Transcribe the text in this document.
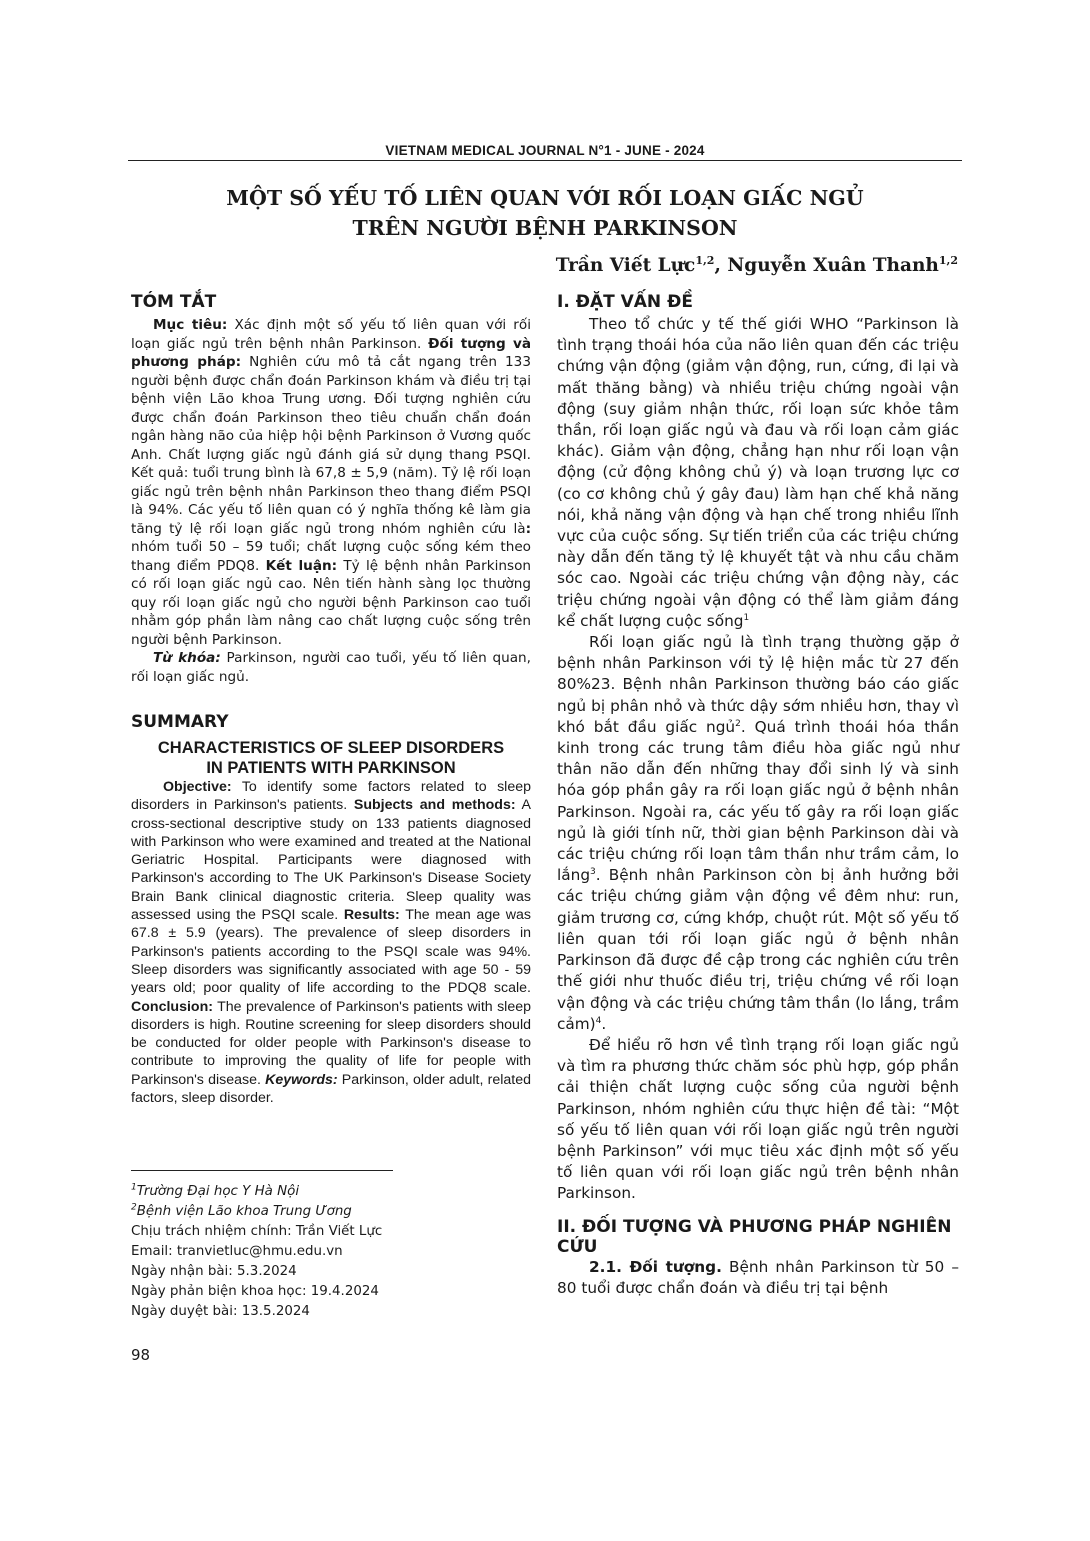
VIETNAM MEDICAL JOURNAL N°1 - JUNE - 2024
MỘT SỐ YẾU TỐ LIÊN QUAN VỚI RỐI LOẠN GIẤC NGỦ
TRÊN NGƯỜI BỆNH PARKINSON
Trần Viết Lực$^{1,2}$, Nguyễn Xuân Thanh$^{1,2}$
TÓM TẮT

Mục tiêu: Xác định một số yếu tố liên quan với rối loạn giấc ngủ trên bệnh nhân Parkinson. Đối tượng và phương pháp: Nghiên cứu mô tả cắt ngang trên 133 người bệnh được chẩn đoán Parkinson khám và điều trị tại bệnh viện Lão khoa Trung ương. Đối tượng nghiên cứu được chẩn đoán Parkinson theo tiêu chuẩn chẩn đoán ngân hàng não của hiệp hội bệnh Parkinson ở Vương quốc Anh. Chất lượng giấc ngủ đánh giá sử dụng thang PSQI. Kết quả: tuổi trung bình là 67,8 ± 5,9 (năm). Tỷ lệ rối loạn giấc ngủ trên bệnh nhân Parkinson theo thang điểm PSQI là 94%. Các yếu tố liên quan có ý nghĩa thống kê làm gia tăng tỷ lệ rối loạn giấc ngủ trong nhóm nghiên cứu là: nhóm tuổi 50 – 59 tuổi; chất lượng cuộc sống kém theo thang điểm PDQ8. Kết luận: Tỷ lệ bệnh nhân Parkinson có rối loạn giấc ngủ cao. Nên tiến hành sàng lọc thường quy rối loạn giấc ngủ cho người bệnh Parkinson cao tuổi nhằm góp phần làm nâng cao chất lượng cuộc sống trên người bệnh Parkinson.

Từ khóa: Parkinson, người cao tuổi, yếu tố liên quan, rối loạn giấc ngủ.

SUMMARY

CHARACTERISTICS OF SLEEP DISORDERS

IN PATIENTS WITH PARKINSON

Objective: To identify some factors related to sleep disorders in Parkinson's patients. Subjects and methods: A cross-sectional descriptive study on 133 patients diagnosed with Parkinson who were examined and treated at the National Geriatric Hospital. Participants were diagnosed with Parkinson's according to The UK Parkinson's Disease Society Brain Bank clinical diagnostic criteria. Sleep quality was assessed using the PSQI scale. Results: The mean age was 67.8 ± 5.9 (years). The prevalence of sleep disorders in Parkinson's patients according to the PSQI scale was 94%. Sleep disorders was significantly associated with age 50 - 59 years old; poor quality of life according to the PDQ8 scale. Conclusion: The prevalence of Parkinson's patients with sleep disorders is high. Routine screening for sleep disorders should be conducted for older people with Parkinson's disease to contribute to improving the quality of life for people with Parkinson's disease. Keywords: Parkinson, older adult, related factors, sleep disorder.

$^1$Trường Đại học Y Hà Nội
$^2$Bệnh viện Lão khoa Trung Ương
Chịu trách nhiệm chính: Trần Viết Lực
Email: tranvietluc@hmu.edu.vn
Ngày nhận bài: 5.3.2024
Ngày phản biện khoa học: 19.4.2024
Ngày duyệt bài: 13.5.2024
98
I. ĐẶT VẤN ĐỀ

Theo tổ chức y tế thế giới WHO “Parkinson là tình trạng thoái hóa của não liên quan đến các triệu chứng vận động (giảm vận động, run, cứng, đi lại và mất thăng bằng) và nhiều triệu chứng ngoài vận động (suy giảm nhận thức, rối loạn sức khỏe tâm thần, rối loạn giấc ngủ và đau và rối loạn cảm giác khác). Giảm vận động, chẳng hạn như rối loạn vận động (cử động không chủ ý) và loạn trương lực cơ (co cơ không chủ ý gây đau) làm hạn chế khả năng nói, khả năng vận động và hạn chế trong nhiều lĩnh vực của cuộc sống. Sự tiến triển của các triệu chứng này dẫn đến tăng tỷ lệ khuyết tật và nhu cầu chăm sóc cao. Ngoài các triệu chứng vận động này, các triệu chứng ngoài vận động có thể làm giảm đáng kể chất lượng cuộc sống$^1$

Rối loạn giấc ngủ là tình trạng thường gặp ở bệnh nhân Parkinson với tỷ lệ hiện mắc từ 27 đến 80%23. Bệnh nhân Parkinson thường báo cáo giấc ngủ bị phân nhỏ và thức dậy sớm nhiều hơn, thay vì khó bắt đầu giấc ngủ$^2$. Quá trình thoái hóa thần kinh trong các trung tâm điều hòa giấc ngủ như thân não dẫn đến những thay đổi sinh lý và sinh hóa góp phần gây ra rối loạn giấc ngủ ở bệnh nhân Parkinson. Ngoài ra, các yếu tố gây ra rối loạn giấc ngủ là giới tính nữ, thời gian bệnh Parkinson dài và các triệu chứng rối loạn tâm thần như trầm cảm, lo lắng$^3$. Bệnh nhân Parkinson còn bị ảnh hưởng bởi các triệu chứng giảm vận động về đêm như: run, giảm trương cơ, cứng khớp, chuột rút. Một số yếu tố liên quan tới rối loạn giấc ngủ ở bệnh nhân Parkinson đã được đề cập trong các nghiên cứu trên thế giới như thuốc điều trị, triệu chứng về rối loạn vận động và các triệu chứng tâm thần (lo lắng, trầm cảm)$^4$.

Để hiểu rõ hơn về tình trạng rối loạn giấc ngủ và tìm ra phương thức chăm sóc phù hợp, góp phần cải thiện chất lượng cuộc sống của người bệnh Parkinson, nhóm nghiên cứu thực hiện đề tài: “Một số yếu tố liên quan với rối loạn giấc ngủ trên người bệnh Parkinson” với mục tiêu xác định một số yếu tố liên quan với rối loạn giấc ngủ trên bệnh nhân Parkinson.

II. ĐỐI TƯỢNG VÀ PHƯƠNG PHÁP NGHIÊN CỨU

2.1. Đối tượng. Bệnh nhân Parkinson từ 50 – 80 tuổi được chẩn đoán và điều trị tại bệnh
